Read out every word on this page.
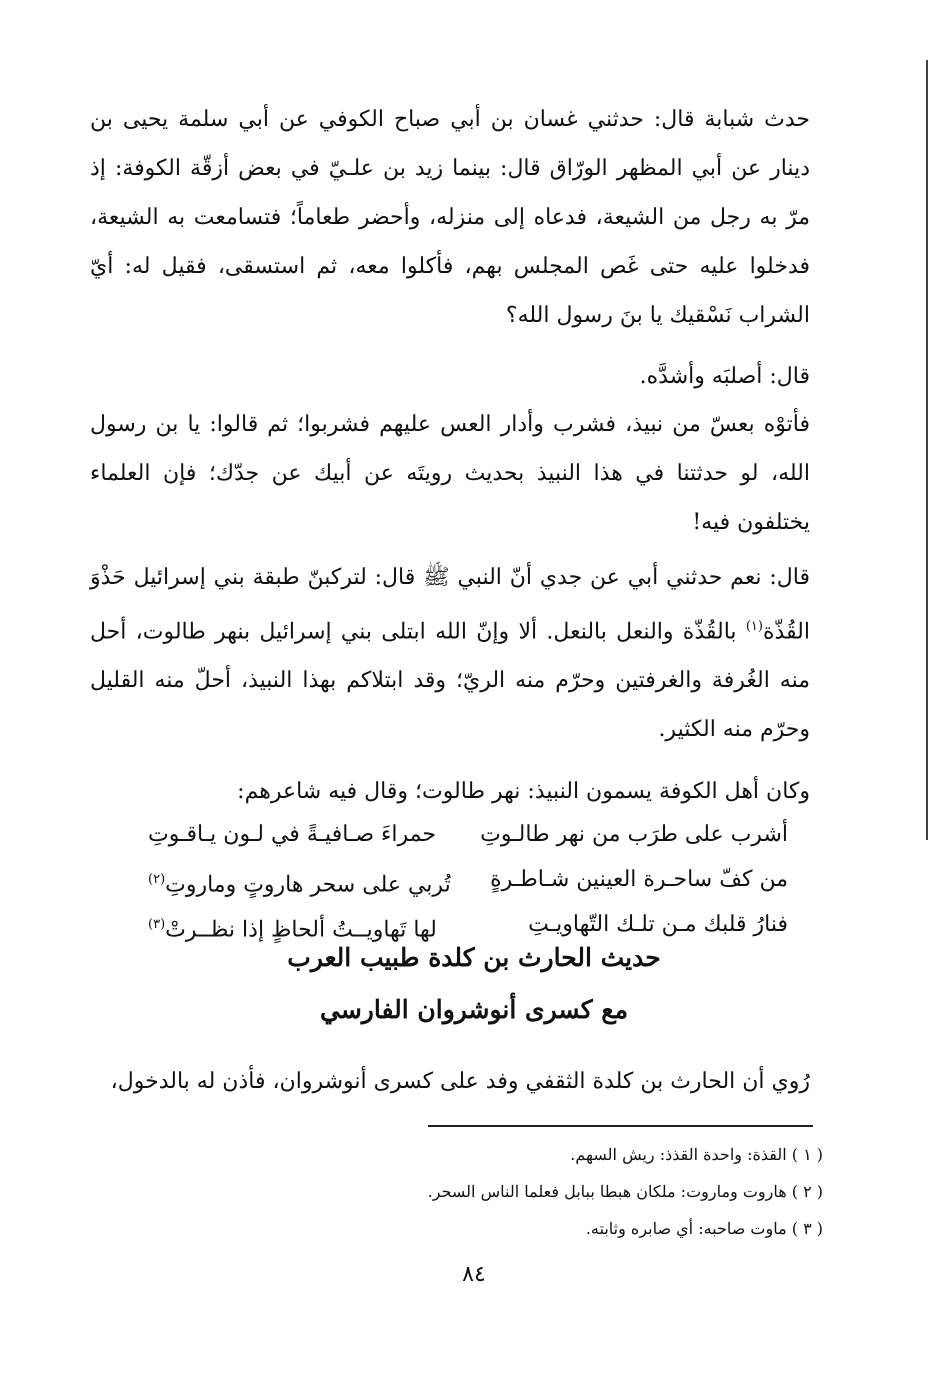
حدث شبابة قال: حدثني غسان بن أبي صباح الكوفي عن أبي سلمة يحيى بن دينار عن أبي المظهر الورّاق قال: بينما زيد بن علـيّ في بعض أزقّة الكوفة: إذ مرّ به رجل من الشيعة، فدعاه إلى منزله، وأحضر طعاماً؛ فتسامعت به الشيعة، فدخلوا عليه حتى غَص المجلس بهم، فأكلوا معه، ثم استسقى، فقيل له: أيّ الشراب نَسْقيك يا بنَ رسول الله؟

قال: أصلبَه وأشدَّه.

فأتوْه بعسّ من نبيذ، فشرب وأدار العس عليهم فشربوا؛ ثم قالوا: يا بن رسول الله، لو حدثتنا في هذا النبيذ بحديث رويتَه عن أبيك عن جدّك؛ فإن العلماء يختلفون فيه!

قال: نعم حدثني أبي عن جدي أنّ النبي ﷺ قال: لتركبنّ طبقة بني إسرائيل حَذْوَ القُذّة$^{(١)}$ بالقُذّة والنعل بالنعل. ألا وإنّ الله ابتلى بني إسرائيل بنهر طالوت، أحل منه الغُرفة والغرفتين وحرّم منه الريّ؛ وقد ابتلاكم بهذا النبيذ، أحلّ منه القليل وحرّم منه الكثير.

وكان أهل الكوفة يسمون النبيذ: نهر طالوت؛ وقال فيه شاعرهم:

أشرب على طرَب من نهر طالـوتِ
حمراءَ صـافيـةً في لـون يـاقـوتِ
من كفّ ساحـرة العينين شـاطـرةٍ
تُربي على سحر هاروتٍ وماروتِ$^{(٢)}$
فنارُ قلبك مـن تلـك التّهاويـتِ
لها تَهاويــتُ ألحاظٍ إذا نظــرتْ$^{(٣)}$
حديث الحارث بن كلدة طبيب العرب
مع كسرى أنوشروان الفارسي

رُوي أن الحارث بن كلدة الثقفي وفد على كسرى أنوشروان، فأذن له بالدخول،

( ١ ) القذة: واحدة القذذ: ريش السهم.
( ٢ ) هاروت وماروت: ملكان هبطا ببابل فعلما الناس السحر.
( ٣ ) ماوت صاحبه: أي صابره وثابته.
٨٤
